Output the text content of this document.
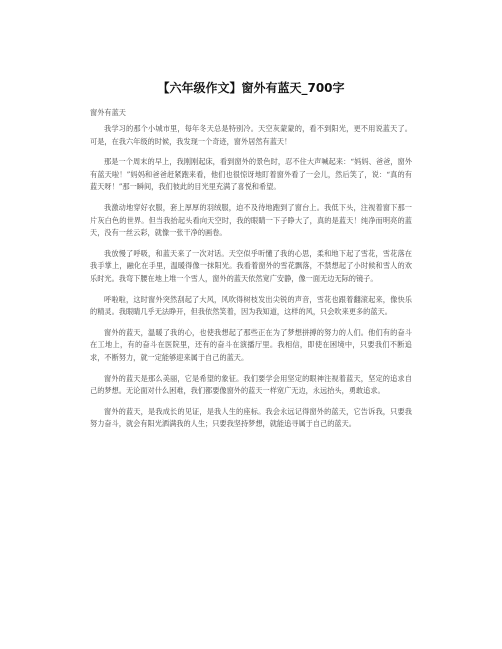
【六年级作文】窗外有蓝天_700字
窗外有蓝天

我学习的那个小城市里，每年冬天总是特别冷。天空灰蒙蒙的，看不到阳光，更不用说蓝天了。可是，在我六年级的时候，我发现一个奇迹，窗外居然有蓝天！

那是一个周末的早上，我刚刚起床，看到窗外的景色时，忍不住大声喊起来：“妈妈、爸爸，窗外有蓝天啦！”妈妈和爸爸赶紧跑来看，他们也很惊讶地盯着窗外看了一会儿，然后笑了，说：“真的有蓝天呀！”那一瞬间，我们彼此的目光里充满了喜悦和希望。

我激动地穿好衣服，套上厚厚的羽绒服，迫不及待地跑到了窗台上。我低下头，注视着窗下那一片灰白色的世界。但当我抬起头看向天空时，我的眼睛一下子睁大了，真的是蓝天！纯净而明亮的蓝天，没有一丝云彩，就像一张干净的画卷。

我放慢了呼吸，和蓝天来了一次对话。天空似乎听懂了我的心思，柔和地下起了雪花，雪花落在我手掌上，融化在手里，温暖得像一抹阳光。我看着窗外的雪花飘落，不禁想起了小时候和雪人的欢乐时光。我弯下腰在地上堆一个雪人，窗外的蓝天依然宽广安静，像一面无边无际的镜子。

呼啦啦，这时窗外突然刮起了大风，风吹得树枝发出尖锐的声音，雪花也跟着翻滚起来，像快乐的精灵。我眼睛几乎无法睁开，但我依然笑着，因为我知道，这样的风，只会吹来更多的蓝天。

窗外的蓝天，温暖了我的心，也使我想起了那些正在为了梦想拼搏的努力的人们。他们有的奋斗在工地上，有的奋斗在医院里，还有的奋斗在演播厅里。我相信，即使在困境中，只要我们不断追求，不断努力，就一定能够迎来属于自己的蓝天。

窗外的蓝天是那么美丽，它是希望的象征。我们要学会用坚定的眼神注视着蓝天，坚定的追求自己的梦想。无论面对什么困难，我们都要像窗外的蓝天一样宽广无边，永远抬头，勇敢追求。

窗外的蓝天，是我成长的见证，是我人生的座标。我会永远记得窗外的蓝天，它告诉我，只要我努力奋斗，就会有阳光洒满我的人生；只要我坚持梦想，就能追寻属于自己的蓝天。
